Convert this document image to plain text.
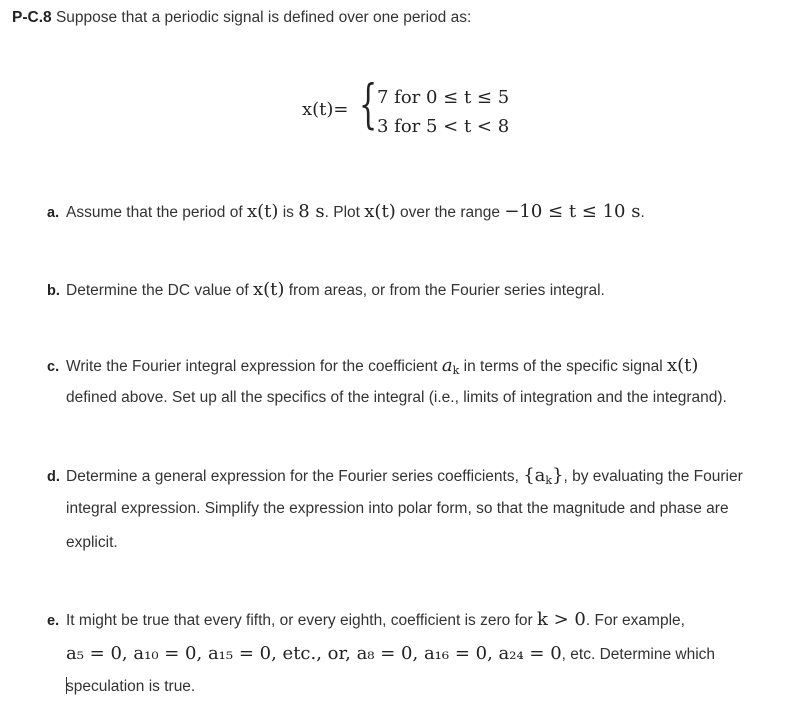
P-C.8 Suppose that a periodic signal is defined over one period as:
x(t)= { 7 for 0 ≤ t ≤ 5
3 for 5 < t < 8
a. Assume that the period of x(t) is 8 s. Plot x(t) over the range −10 ≤ t ≤ 10 s.
b. Determine the DC value of x(t) from areas, or from the Fourier series integral.
c. Write the Fourier integral expression for the coefficient $a_k$ in terms of the specific signal x(t)
defined above. Set up all the specifics of the integral (i.e., limits of integration and the integrand).
d. Determine a general expression for the Fourier series coefficients, $\{a_k\}$, by evaluating the Fourier
integral expression. Simplify the expression into polar form, so that the magnitude and phase are
explicit.
e. It might be true that every fifth, or every eighth, coefficient is zero for k > 0. For example,
a₅ = 0, a₁₀ = 0, a₁₅ = 0, etc., or, a₈ = 0, a₁₆ = 0, a₂₄ = 0, etc. Determine which
speculation is true.
